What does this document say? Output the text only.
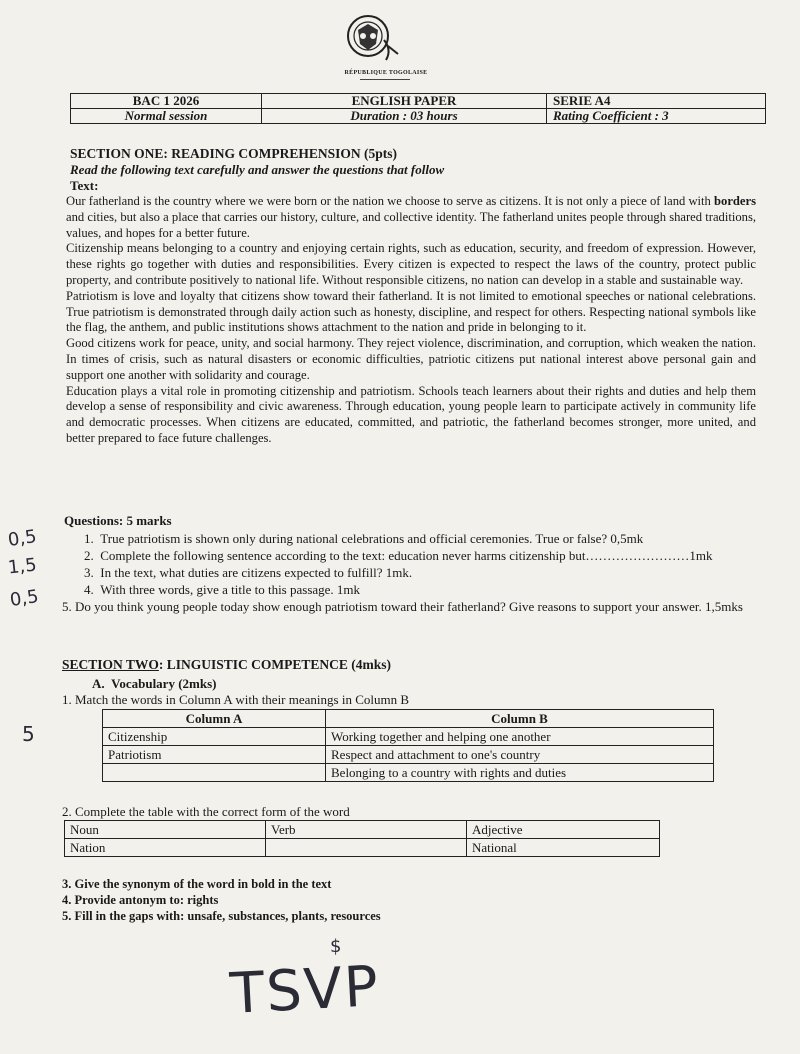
RÉPUBLIQUE TOGOLAISE
BAC 1 2026	ENGLISH PAPER	SERIE A4
Normal session	Duration : 03 hours	Rating Coefficient : 3
SECTION ONE: READING COMPREHENSION (5pts)
Read the following text carefully and answer the questions that follow
Text:

Our fatherland is the country where we were born or the nation we choose to serve as citizens. It is not only a piece of land with borders and cities, but also a place that carries our history, culture, and collective identity. The fatherland unites people through shared traditions, values, and hopes for a better future.

Citizenship means belonging to a country and enjoying certain rights, such as education, security, and freedom of expression. However, these rights go together with duties and responsibilities. Every citizen is expected to respect the laws of the country, protect public property, and contribute positively to national life. Without responsible citizens, no nation can develop in a stable and sustainable way.

Patriotism is love and loyalty that citizens show toward their fatherland. It is not limited to emotional speeches or national celebrations. True patriotism is demonstrated through daily action such as honesty, discipline, and respect for others. Respecting national symbols like the flag, the anthem, and public institutions shows attachment to the nation and pride in belonging to it.

Good citizens work for peace, unity, and social harmony. They reject violence, discrimination, and corruption, which weaken the nation. In times of crisis, such as natural disasters or economic difficulties, patriotic citizens put national interest above personal gain and support one another with solidarity and courage.

Education plays a vital role in promoting citizenship and patriotism. Schools teach learners about their rights and duties and help them develop a sense of responsibility and civic awareness. Through education, young people learn to participate actively in community life and democratic processes. When citizens are educated, committed, and patriotic, the fatherland becomes stronger, more united, and better prepared to face future challenges.

Questions: 5 marks

1.  True patriotism is shown only during national celebrations and official ceremonies. True or false? 0,5mk

2.  Complete the following sentence according to the text: education never harms citizenship but……………………1mk

3.  In the text, what duties are citizens expected to fulfill? 1mk.

4.  With three words, give a title to this passage. 1mk

5. Do you think young people today show enough patriotism toward their fatherland? Give reasons to support your answer. 1,5mks

SECTION TWO: LINGUISTIC COMPETENCE (4mks)
A.  Vocabulary (2mks)
1. Match the words in Column A with their meanings in Column B
Column A	Column B
Citizenship	Working together and helping one another
Patriotism	Respect and attachment to one's country
	Belonging to a country with rights and duties
2. Complete the table with the correct form of the word
Noun	Verb	Adjective
Nation		National

3. Give the synonym of the word in bold in the text

4. Provide antonym to: rights

5. Fill in the gaps with: unsafe, substances, plants, resources

0,5
1,5
0,5
5
$
TSVP
